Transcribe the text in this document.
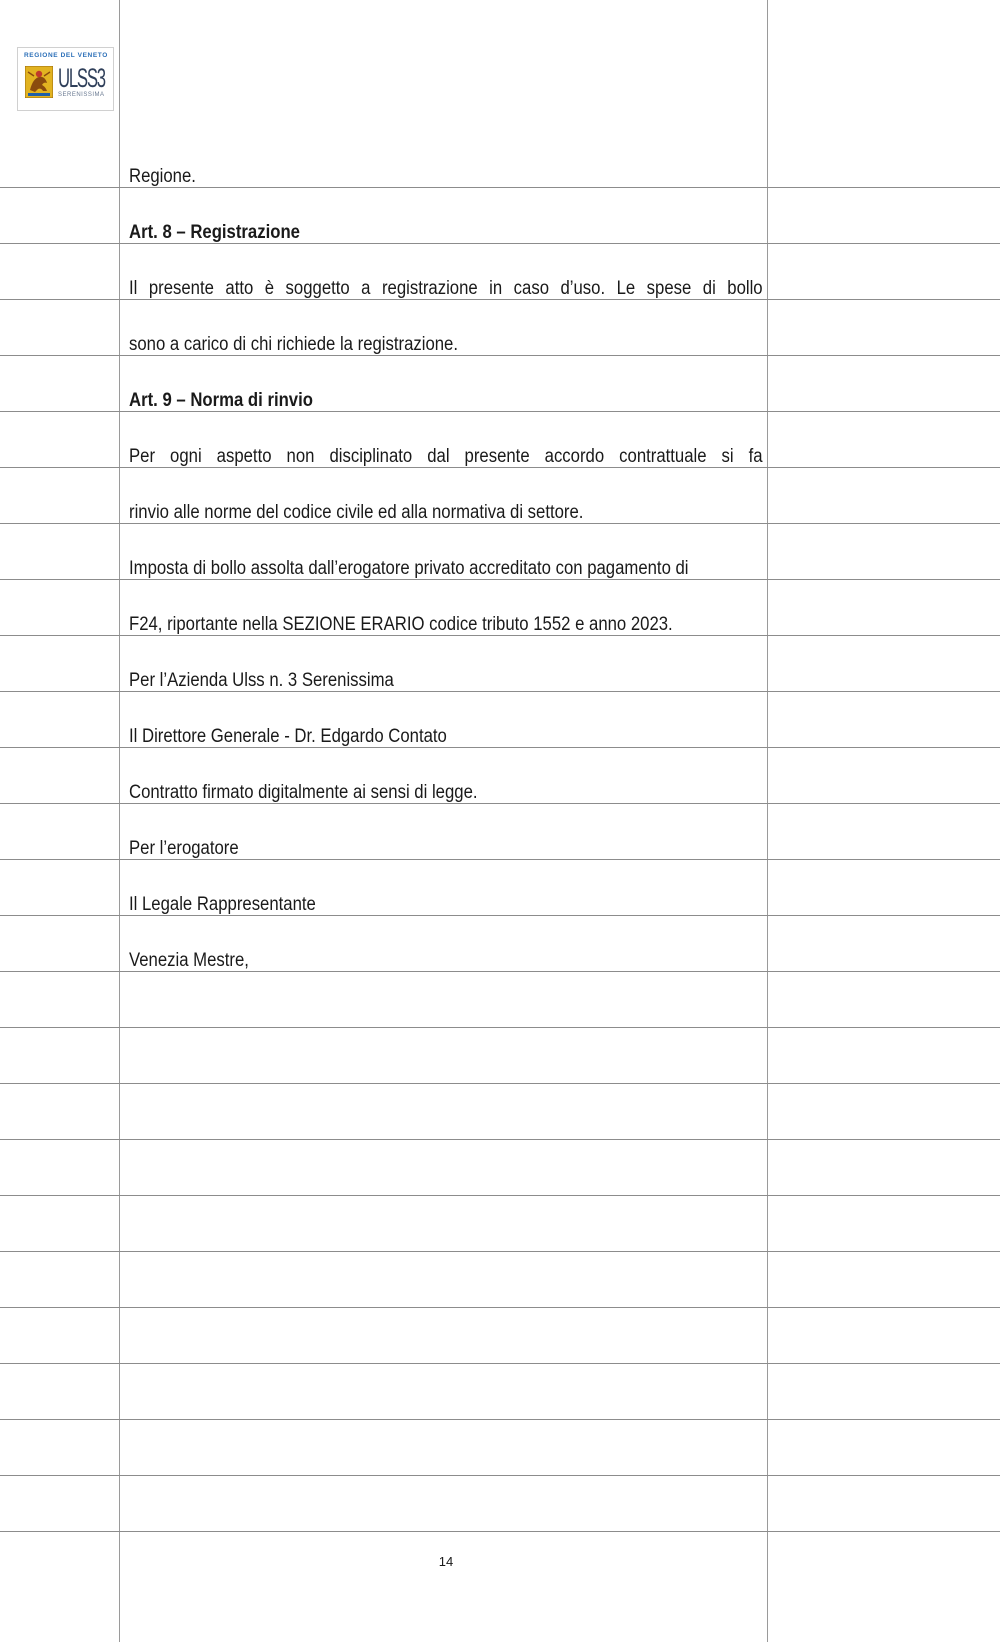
REGIONE DEL VENETO
ULSS3
SERENISSIMA
Regione.
Art. 8 – Registrazione
Il presente atto è soggetto a registrazione in caso d’uso. Le spese di bollo
sono a carico di chi richiede la registrazione.
Art. 9 – Norma di rinvio
Per ogni aspetto non disciplinato dal presente accordo contrattuale si fa
rinvio alle norme del codice civile ed alla normativa di settore.
Imposta di bollo assolta dall’erogatore privato accreditato con pagamento di
F24, riportante nella SEZIONE ERARIO codice tributo 1552 e anno 2023.
Per l’Azienda Ulss n. 3 Serenissima
Il Direttore Generale - Dr. Edgardo Contato
Contratto firmato digitalmente ai sensi di legge.
Per l’erogatore
Il Legale Rappresentante
Venezia Mestre,
14
